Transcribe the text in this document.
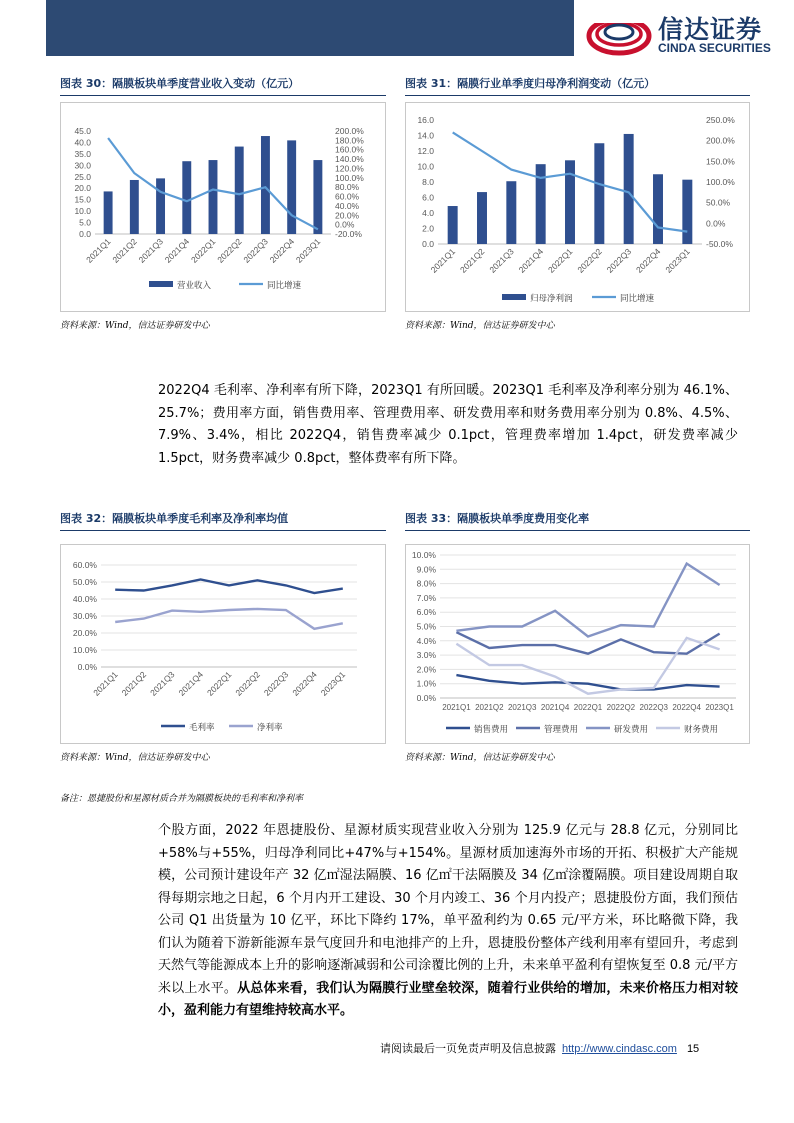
信达证券
CINDA SECURITIES
图表 30：隔膜板块单季度营业收入变动（亿元）
0.0
5.0
10.0
15.0
20.0
25.0
30.0
35.0
40.0
45.0
-20.0%
0.0%
20.0%
40.0%
60.0%
80.0%
100.0%
120.0%
140.0%
160.0%
180.0%
200.0%
2021Q1
2021Q2
2021Q3
2021Q4
2022Q1
2022Q2
2022Q3
2022Q4
2023Q1
营业收入	同比增速
资料来源：Wind，信达证券研发中心
图表 31：隔膜行业单季度归母净利润变动（亿元）
0.0
2.0
4.0
6.0
8.0
10.0
12.0
14.0
16.0
-50.0%
0.0%
50.0%
100.0%
150.0%
200.0%
250.0%
2021Q1 2021Q2 2021Q3 2021Q4 2022Q1 2022Q2 2022Q3 2022Q4 2023Q1
归母净利润	同比增速
资料来源：Wind，信达证券研发中心

2022Q4 毛利率、净利率有所下降，2023Q1 有所回暖。2023Q1 毛利率及净利率分别为 46.1%、25.7%；费用率方面，销售费用率、管理费用率、研发费用率和财务费用率分别为 0.8%、4.5%、7.9%、3.4%，相比 2022Q4，销售费率减少 0.1pct，管理费率增加 1.4pct，研发费率减少 1.5pct，财务费率减少 0.8pct，整体费率有所下降。

图表 32：隔膜板块单季度毛利率及净利率均值
0.0%
10.0%
20.0%
30.0%
40.0%
50.0%
60.0%
2021Q1 2021Q2 2021Q3 2021Q4 2022Q1 2022Q2 2022Q3 2022Q4 2023Q1
毛利率	净利率
资料来源：Wind，信达证券研发中心
图表 33：隔膜板块单季度费用变化率
0.0%
1.0%
2.0%
3.0%
4.0%
5.0%
6.0%
7.0%
8.0%
9.0%
10.0%
2021Q1 2021Q2 2021Q3 2021Q4 2022Q1 2022Q2 2022Q3 2022Q4 2023Q1
销售费用	管理费用	研发费用	财务费用
资料来源：Wind，信达证券研发中心
备注：恩捷股份和星源材质合并为隔膜板块的毛利率和净利率

个股方面，2022 年恩捷股份、星源材质实现营业收入分别为 125.9 亿元与 28.8 亿元，分别同比+58%与+55%，归母净利同比+47%与+154%。星源材质加速海外市场的开拓、积极扩大产能规模，公司预计建设年产 32 亿㎡湿法隔膜、16 亿㎡干法隔膜及 34 亿㎡涂覆隔膜。项目建设周期自取得每期宗地之日起，6 个月内开工建设、30 个月内竣工、36 个月内投产；恩捷股份方面，我们预估公司 Q1 出货量为 10 亿平，环比下降约 17%，单平盈利约为 0.65 元/平方米，环比略微下降，我们认为随着下游新能源车景气度回升和电池排产的上升，恩捷股份整体产线利用率有望回升，考虑到天然气等能源成本上升的影响逐渐减弱和公司涂覆比例的上升，未来单平盈利有望恢复至 0.8 元/平方米以上水平。从总体来看，我们认为隔膜行业壁垒较深，随着行业供给的增加，未来价格压力相对较小，盈利能力有望维持较高水平。

请阅读最后一页免责声明及信息披露 http://www.cindasc.com 15
